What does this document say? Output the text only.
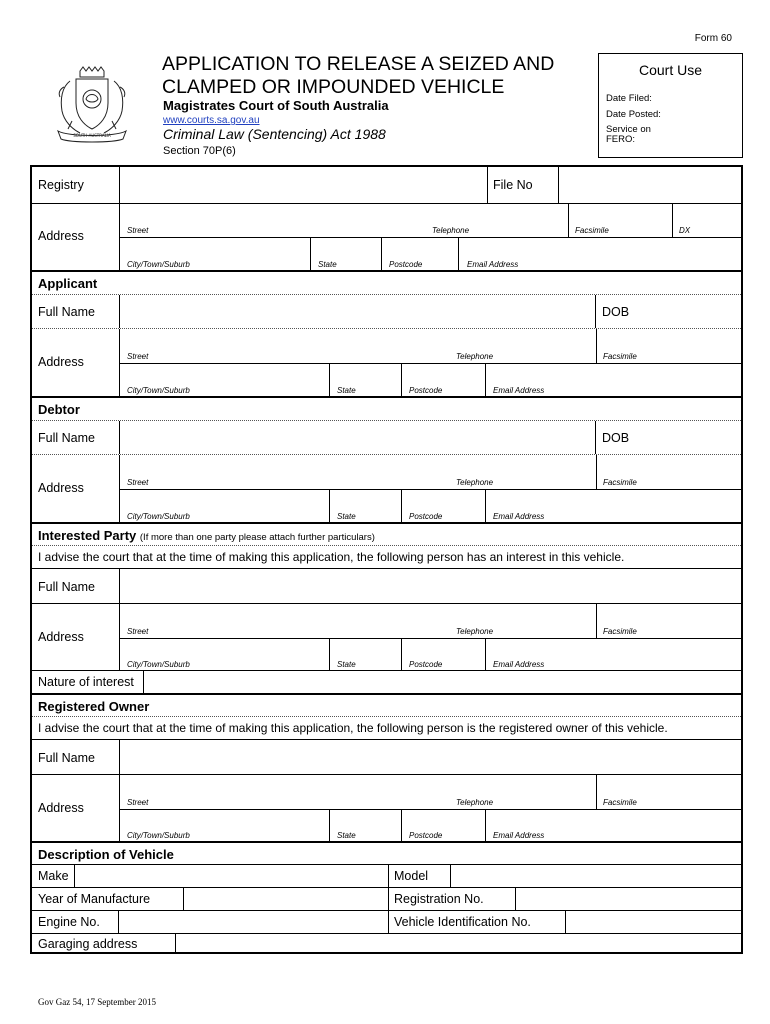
Form 60
SOUTH AUSTRALIA
APPLICATION TO RELEASE A SEIZED AND
CLAMPED OR IMPOUNDED VEHICLE
Magistrates Court of South Australia
www.courts.sa.gov.au
Criminal Law (Sentencing) Act 1988
Section 70P(6)
Court Use
Date Filed:
Date Posted:
Service on
FERO:
Registry	File No
Address	Street	Telephone	Facsimile	DX
City/Town/Suburb	State	Postcode	Email Address
Applicant
Full Name	DOB
Address	Street	Telephone	Facsimile
City/Town/Suburb	State	Postcode	Email Address
Debtor
Full Name	DOB
Address	Street	Telephone	Facsimile
City/Town/Suburb	State	Postcode	Email Address
Interested Party (If more than one party please attach further particulars)
I advise the court that at the time of making this application, the following person has an interest in this vehicle.
Full Name
Address	Street	Telephone	Facsimile
City/Town/Suburb	State	Postcode	Email Address
Nature of interest
Registered Owner
I advise the court that at the time of making this application, the following person is the registered owner of this vehicle.
Full Name
Address	Street	Telephone	Facsimile
City/Town/Suburb	State	Postcode	Email Address
Description of Vehicle
Make	Model
Year of Manufacture	Registration No.
Engine No.	Vehicle Identification No.
Garaging address
Gov Gaz 54, 17 September 2015
